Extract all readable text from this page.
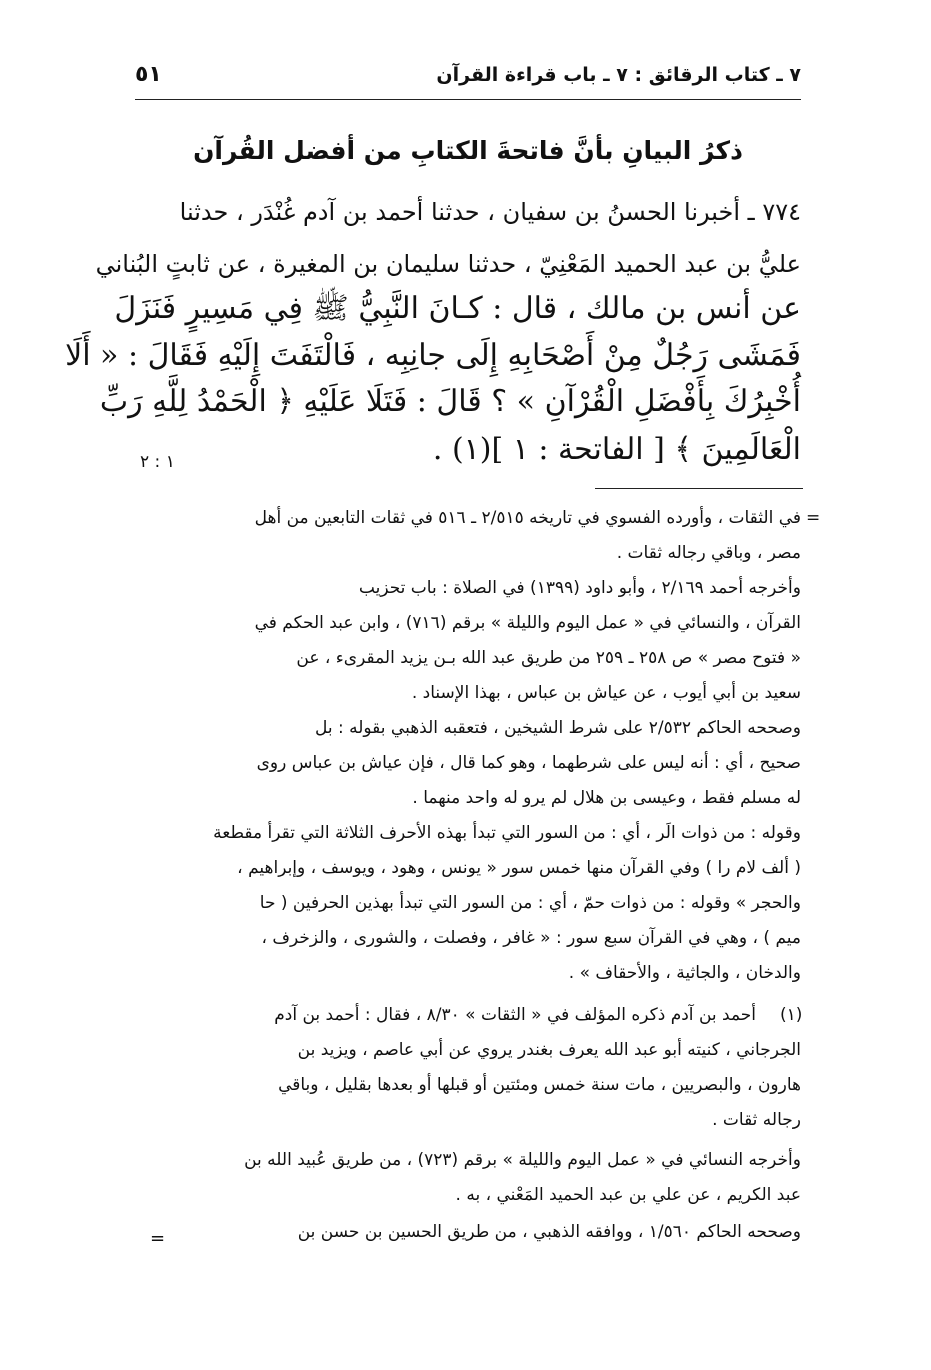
٧ ـ كتاب الرقائق : ٧ ـ باب قراءة القرآن
٥١
ذكرُ البيانِ بأنَّ فاتحةَ الكتابِ من أفضل القُرآن
٧٧٤ ـ أخبرنا الحسنُ بن سفيان ، حدثنا أحمد بن آدم غُنْدَر ، حدثنا
عليُّ بن عبد الحميد المَعْنِيّ ، حدثنا سليمان بن المغيرة ، عن ثابتٍ البُناني
عن أنس بن مالك ، قال : كـانَ النَّبِيُّ ﷺ فِي مَسِيرٍ فَنَزَلَ
فَمَشَى رَجُلٌ مِنْ أَصْحَابِهِ إِلَى جانِبِه ، فَالْتَفَتَ إِلَيْهِ فَقَالَ : « أَلَا
أُخْبِرُكَ بِأَفْضَلِ الْقُرْآنِ » ؟ قَالَ : فَتَلَا عَلَيْهِ ﴿ الْحَمْدُ لِلَّهِ رَبِّ
الْعَالَمِينَ ﴾ [ الفاتحة : ١ ](١) .
١ : ٢
=
في الثقات ، وأورده الفسوي في تاريخه ٢/٥١٥ ـ ٥١٦ في ثقات التابعين من أهل
مصر ، وباقي رجاله ثقات .
وأخرجه أحمد ٢/١٦٩ ، وأبو داود (١٣٩٩) في الصلاة : باب تحزيب
القرآن ، والنسائي في « عمل اليوم والليلة » برقم (٧١٦) ، وابن عبد الحكم في
« فتوح مصر » ص ٢٥٨ ـ ٢٥٩ من طريق عبد الله بـن يزيد المقرىء ، عن
سعيد بن أبي أيوب ، عن عياش بن عباس ، بهذا الإسناد .
وصححه الحاكم ٢/٥٣٢ على شرط الشيخين ، فتعقبه الذهبي بقوله : بل
صحيح ، أي : أنه ليس على شرطهما ، وهو كما قال ، فإن عياش بن عباس روى
له مسلم فقط ، وعيسى بن هلال لم يرو له واحد منهما .
وقوله : من ذوات الَر ، أي : من السور التي تبدأ بهذه الأحرف الثلاثة التي تقرأ مقطعة
( ألف لام را ) وفي القرآن منها خمس سور « يونس ، وهود ، ويوسف ، وإبراهيم ،
والحجر » وقوله : من ذوات حمّ ، أي : من السور التي تبدأ بهذين الحرفين ( حا
ميم ) ، وهي في القرآن سبع سور : « غافر ، وفصلت ، والشورى ، والزخرف ،
والدخان ، والجاثية ، والأحقاف » .
(١)
أحمد بن آدم ذكره المؤلف في « الثقات » ٨/٣٠ ، فقال : أحمد بن آدم
الجرجاني ، كنيته أبو عبد الله يعرف بغندر يروي عن أبي عاصم ، ويزيد بن
هارون ، والبصريين ، مات سنة خمس ومئتين أو قبلها أو بعدها بقليل ، وباقي
رجاله ثقات .
وأخرجه النسائي في « عمل اليوم والليلة » برقم (٧٢٣) ، من طريق عُبيد الله بن
عبد الكريم ، عن علي بن عبد الحميد المَعْني ، به .
وصححه الحاكم ١/٥٦٠ ، ووافقه الذهبي ، من طريق الحسين بن حسن بن
=
